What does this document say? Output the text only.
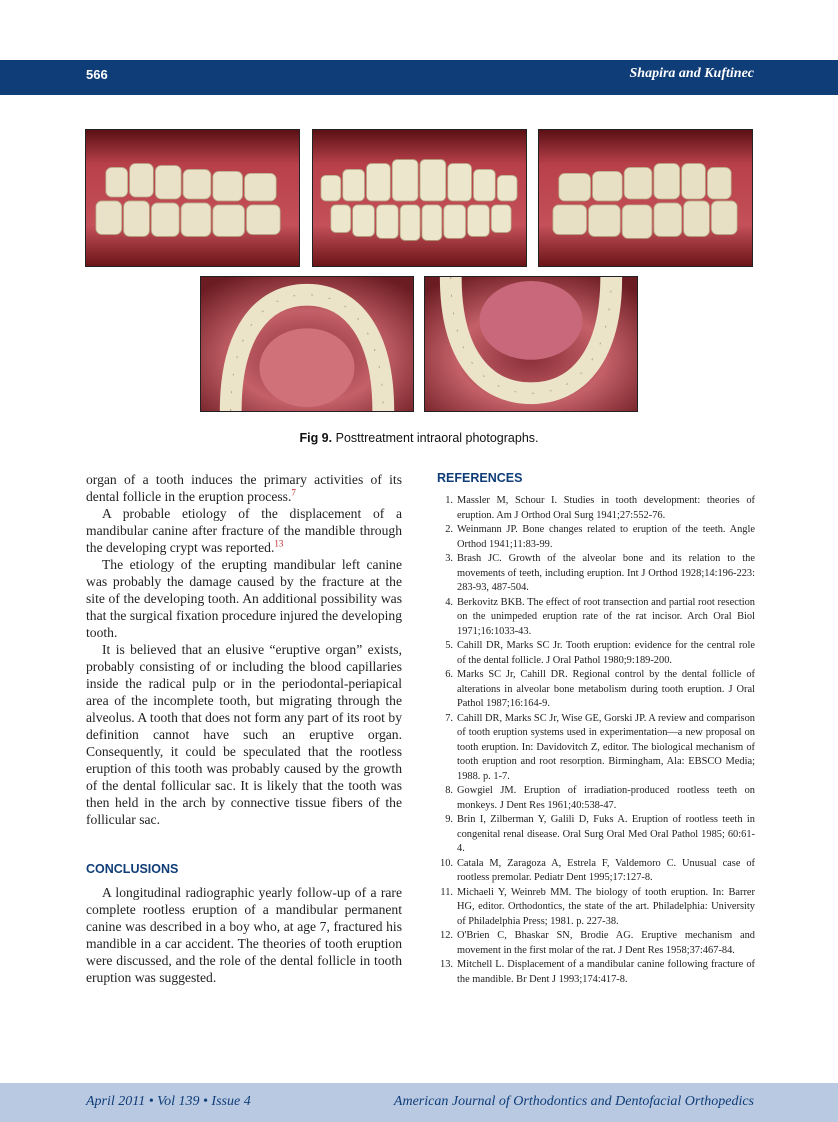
566	Shapira and Kuftinec
Fig 9. Posttreatment intraoral photographs.

organ of a tooth induces the primary activities of its dental follicle in the eruption process.$^7$

A probable etiology of the displacement of a mandibular canine after fracture of the mandible through the developing crypt was reported.$^{13}$

The etiology of the erupting mandibular left canine was probably the damage caused by the fracture at the site of the developing tooth. An additional possibility was that the surgical fixation procedure injured the developing tooth.

It is believed that an elusive “eruptive organ” exists, probably consisting of or including the blood capillaries inside the radical pulp or in the periodontal-periapical area of the incomplete tooth, but migrating through the alveolus. A tooth that does not form any part of its root by definition cannot have such an eruptive organ. Consequently, it could be speculated that the rootless eruption of this tooth was probably caused by the growth of the dental follicular sac. It is likely that the tooth was then held in the arch by connective tissue fibers of the follicular sac.

CONCLUSIONS

A longitudinal radiographic yearly follow-up of a rare complete rootless eruption of a mandibular permanent canine was described in a boy who, at age 7, fractured his mandible in a car accident. The theories of tooth eruption were discussed, and the role of the dental follicle in tooth eruption was suggested.

REFERENCES
1. Massler M, Schour I. Studies in tooth development: theories of eruption. Am J Orthod Oral Surg 1941;27:552-76.
2. Weinmann JP. Bone changes related to eruption of the teeth. Angle Orthod 1941;11:83-99.
3. Brash JC. Growth of the alveolar bone and its relation to the movements of teeth, including eruption. Int J Orthod 1928;14:196-223: 283-93, 487-504.
4. Berkovitz BKB. The effect of root transection and partial root resection on the unimpeded eruption rate of the rat incisor. Arch Oral Biol 1971;16:1033-43.
5. Cahill DR, Marks SC Jr. Tooth eruption: evidence for the central role of the dental follicle. J Oral Pathol 1980;9:189-200.
6. Marks SC Jr, Cahill DR. Regional control by the dental follicle of alterations in alveolar bone metabolism during tooth eruption. J Oral Pathol 1987;16:164-9.
7. Cahill DR, Marks SC Jr, Wise GE, Gorski JP. A review and comparison of tooth eruption systems used in experimentation—a new proposal on tooth eruption. In: Davidovitch Z, editor. The biological mechanism of tooth eruption and root resorption. Birmingham, Ala: EBSCO Media; 1988. p. 1-7.
8. Gowgiel JM. Eruption of irradiation-produced rootless teeth on monkeys. J Dent Res 1961;40:538-47.
9. Brin I, Zilberman Y, Galili D, Fuks A. Eruption of rootless teeth in congenital renal disease. Oral Surg Oral Med Oral Pathol 1985; 60:61-4.
10. Catala M, Zaragoza A, Estrela F, Valdemoro C. Unusual case of rootless premolar. Pediatr Dent 1995;17:127-8.
11. Michaeli Y, Weinreb MM. The biology of tooth eruption. In: Barrer HG, editor. Orthodontics, the state of the art. Philadelphia: University of Philadelphia Press; 1981. p. 227-38.
12. O'Brien C, Bhaskar SN, Brodie AG. Eruptive mechanism and movement in the first molar of the rat. J Dent Res 1958;37:467-84.
13. Mitchell L. Displacement of a mandibular canine following fracture of the mandible. Br Dent J 1993;174:417-8.
April 2011 • Vol 139 • Issue 4	American Journal of Orthodontics and Dentofacial Orthopedics
